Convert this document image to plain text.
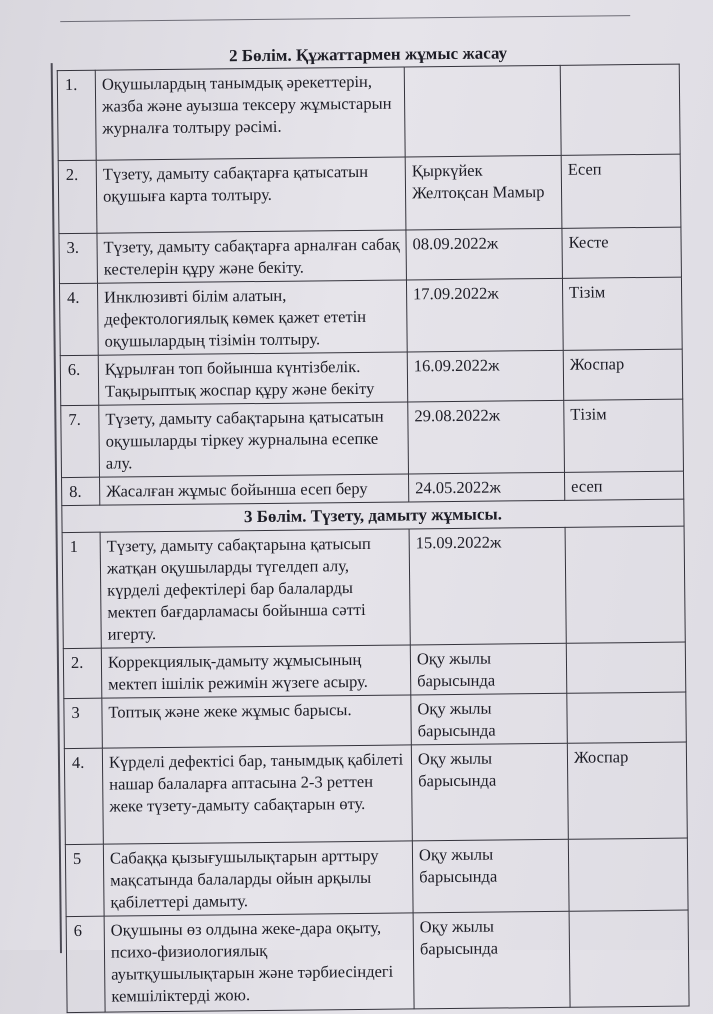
2 Бөлім. Құжаттармен жұмыс жасау			
1.	Оқушылардың танымдық әрекеттерін, жазба және ауызша тексеру жұмыстарын журналға толтыру рәсімі.		
2.	Түзету, дамыту сабақтарға қатысатын оқушыға карта толтыру.	Қыркүйек Желтоқсан Мамыр	Есеп
3.	Түзету, дамыту сабақтарға арналған сабақ кестелерін құру және бекіту.	08.09.2022ж	Кесте
4.	Инклюзивті білім алатын, дефектологиялық көмек қажет ететін оқушылардың тізімін толтыру.	17.09.2022ж	Тізім
6.	Құрылған топ бойынша күнтізбелік. Тақырыптық жоспар құру және бекіту	16.09.2022ж	Жоспар
7.	Түзету, дамыту сабақтарына қатысатын оқушыларды тіркеу журналына есепке алу.	29.08.2022ж	Тізім
8.	Жасалған жұмыс бойынша есеп беру	24.05.2022ж	есеп
3 Бөлім. Түзету, дамыту жұмысы.			
1	Түзету, дамыту сабақтарына қатысып жатқан оқушыларды түгелдеп алу, күрделі дефектілері бар балаларды мектеп бағдарламасы бойынша сәтті игерту.	15.09.2022ж	
2.	Коррекциялық-дамыту жұмысының мектеп ішілік режимін жүзеге асыру.	Оқу жылы барысында	
3	Топтық және жеке жұмыс барысы.	Оқу жылы барысында	
4.	Күрделі дефектісі бар, танымдық қабілеті нашар балаларға аптасына 2-3 реттен жеке түзету-дамыту сабақтарын өту.	Оқу жылы барысында	Жоспар
5	Сабаққа қызығушылықтарын арттыру мақсатында балаларды ойын арқылы қабілеттері дамыту.	Оқу жылы барысында	
6	Оқушыны өз олдына жеке-дара оқыту, психо-физиологиялық ауытқушылықтарын және тәрбиесіндегі кемшіліктерді жою.	Оқу жылы барысында	
